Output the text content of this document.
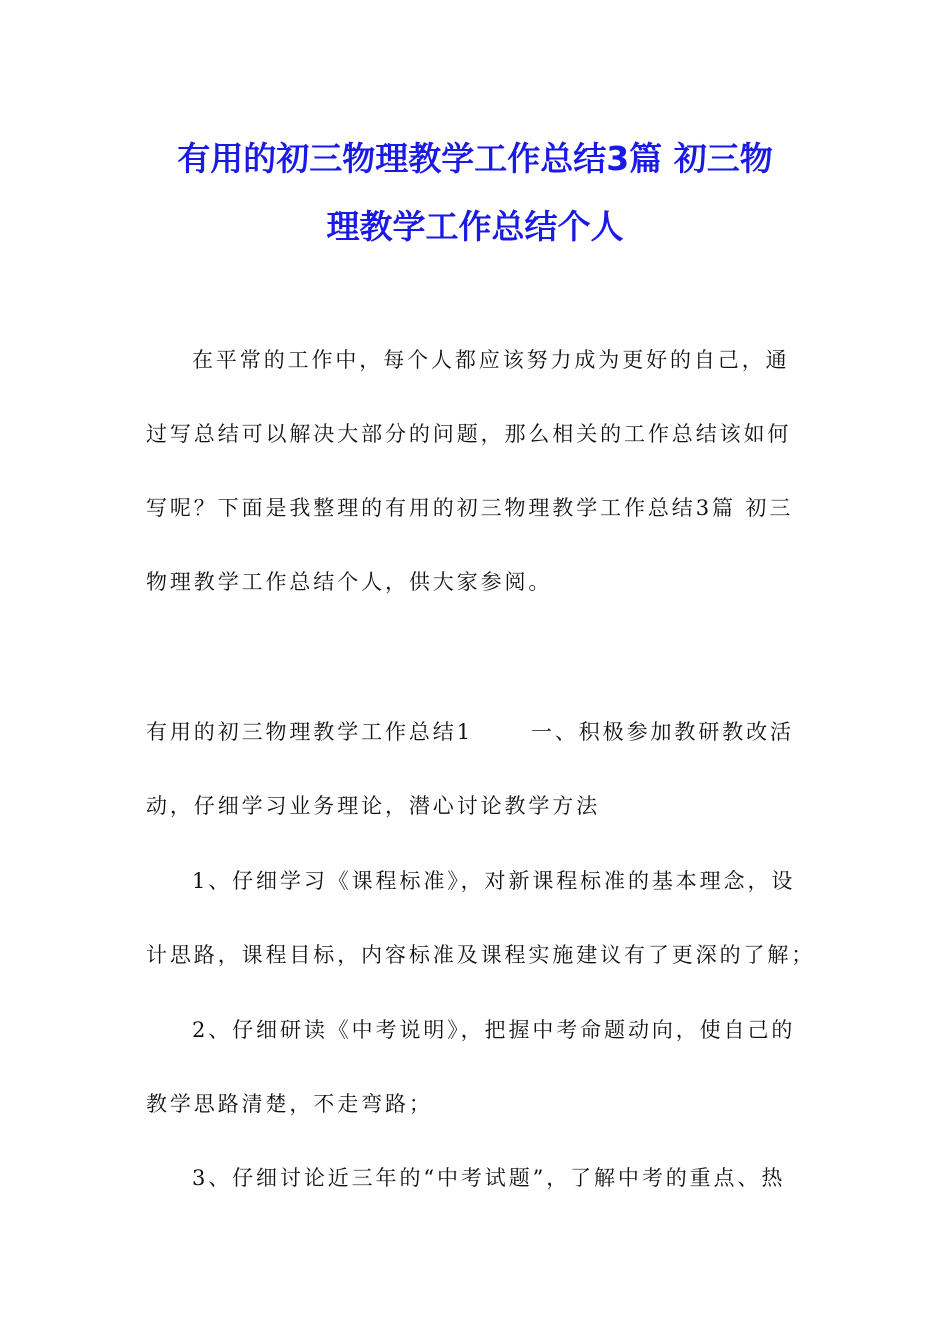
有用的初三物理教学工作总结3篇 初三物
理教学工作总结个人
在平常的工作中，每个人都应该努力成为更好的自己，通
过写总结可以解决大部分的问题，那么相关的工作总结该如何
写呢？下面是我整理的有用的初三物理教学工作总结3篇 初三
物理教学工作总结个人，供大家参阅。
有用的初三物理教学工作总结1	一、积极参加教研教改活
动，仔细学习业务理论，潜心讨论教学方法
1、仔细学习《课程标准》，对新课程标准的基本理念，设
计思路，课程目标，内容标准及课程实施建议有了更深的了解；
2、仔细研读《中考说明》，把握中考命题动向，使自己的
教学思路清楚，不走弯路；
3、仔细讨论近三年的“中考试题”，了解中考的重点、热
